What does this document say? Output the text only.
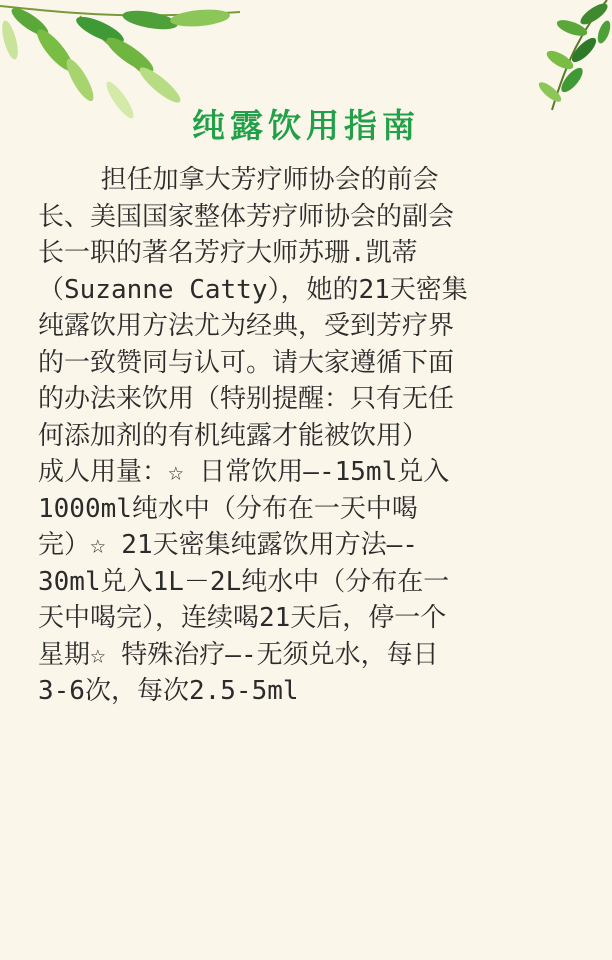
纯露饮用指南
担任加拿大芳疗师协会的前会
长、美国国家整体芳疗师协会的副会
长一职的著名芳疗大师苏珊.凯蒂
（Suzanne Catty），她的21天密集
纯露饮用方法尤为经典，受到芳疗界
的一致赞同与认可。请大家遵循下面
的办法来饮用（特别提醒：只有无任
何添加剂的有机纯露才能被饮用）
成人用量：☆ 日常饮用—-15ml兑入
1000ml纯水中（分布在一天中喝
完）☆ 21天密集纯露饮用方法—-
30ml兑入1L－2L纯水中（分布在一
天中喝完），连续喝21天后，停一个
星期☆ 特殊治疗—-无须兑水，每日
3-6次，每次2.5-5ml
